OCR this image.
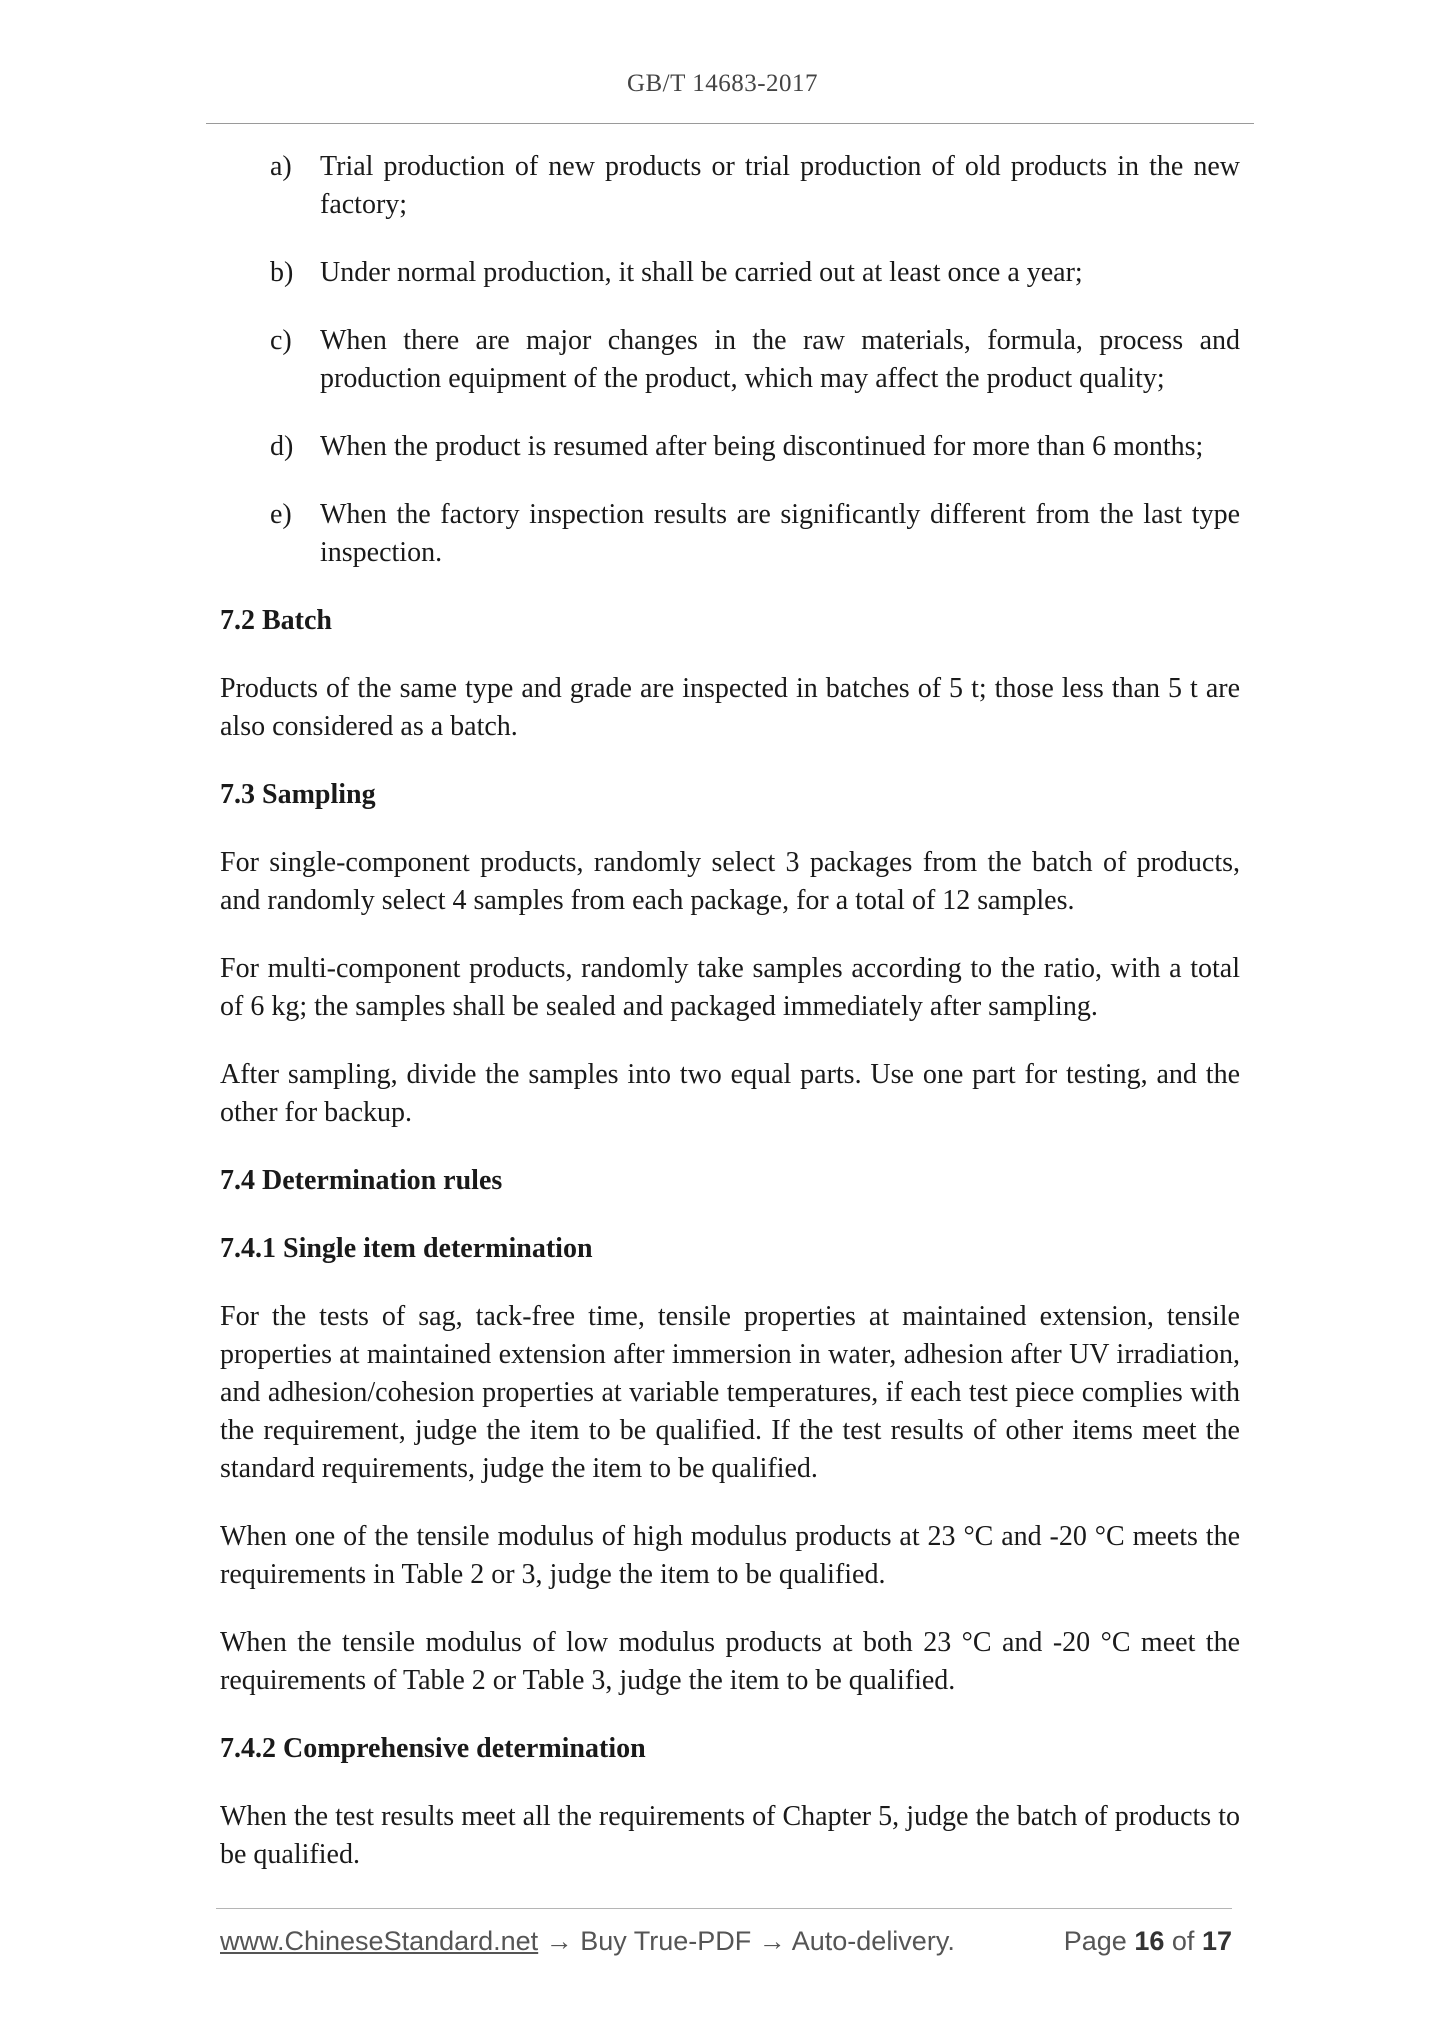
GB/T 14683-2017
a)	Trial production of new products or trial production of old products in the new factory;
b) Under normal production, it shall be carried out at least once a year;
c)	When there are major changes in the raw materials, formula, process and production equipment of the product, which may affect the product quality;
d) When the product is resumed after being discontinued for more than 6 months;
e)	When the factory inspection results are significantly different from the last type inspection.
7.2 Batch

Products of the same type and grade are inspected in batches of 5 t; those less than 5 t are also considered as a batch.

7.3 Sampling

For single-component products, randomly select 3 packages from the batch of products, and randomly select 4 samples from each package, for a total of 12 samples.

For multi-component products, randomly take samples according to the ratio, with a total of 6 kg; the samples shall be sealed and packaged immediately after sampling.

After sampling, divide the samples into two equal parts. Use one part for testing, and the other for backup.

7.4 Determination rules
7.4.1 Single item determination

For the tests of sag, tack-free time, tensile properties at maintained extension, tensile properties at maintained extension after immersion in water, adhesion after UV irradiation, and adhesion/cohesion properties at variable temperatures, if each test piece complies with the requirement, judge the item to be qualified. If the test results of other items meet the standard requirements, judge the item to be qualified.

When one of the tensile modulus of high modulus products at 23 °C and -20 °C meets the requirements in Table 2 or 3, judge the item to be qualified.

When the tensile modulus of low modulus products at both 23 °C and -20 °C meet the requirements of Table 2 or Table 3, judge the item to be qualified.

7.4.2 Comprehensive determination

When the test results meet all the requirements of Chapter 5, judge the batch of products to be qualified.

www.ChineseStandard.net → Buy True-PDF → Auto-delivery.	Page 16 of 17
